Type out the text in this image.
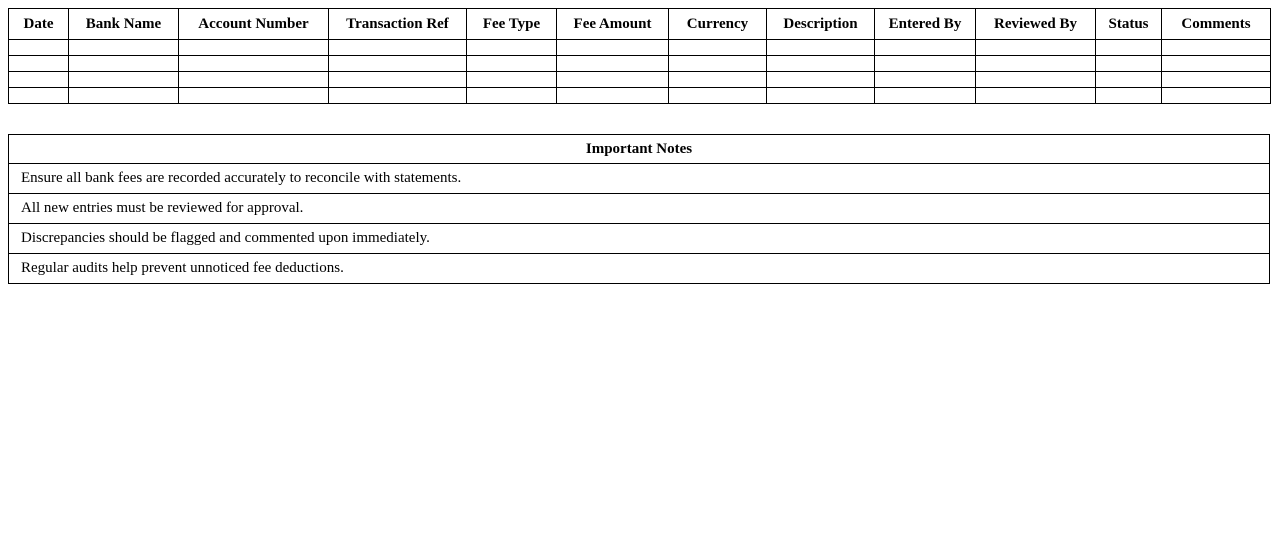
Date	Bank Name	Account Number	Transaction Ref	Fee Type	Fee Amount	Currency	Description	Entered By	Reviewed By	Status	Comments

Important Notes
Ensure all bank fees are recorded accurately to reconcile with statements.
All new entries must be reviewed for approval.
Discrepancies should be flagged and commented upon immediately.
Regular audits help prevent unnoticed fee deductions.
